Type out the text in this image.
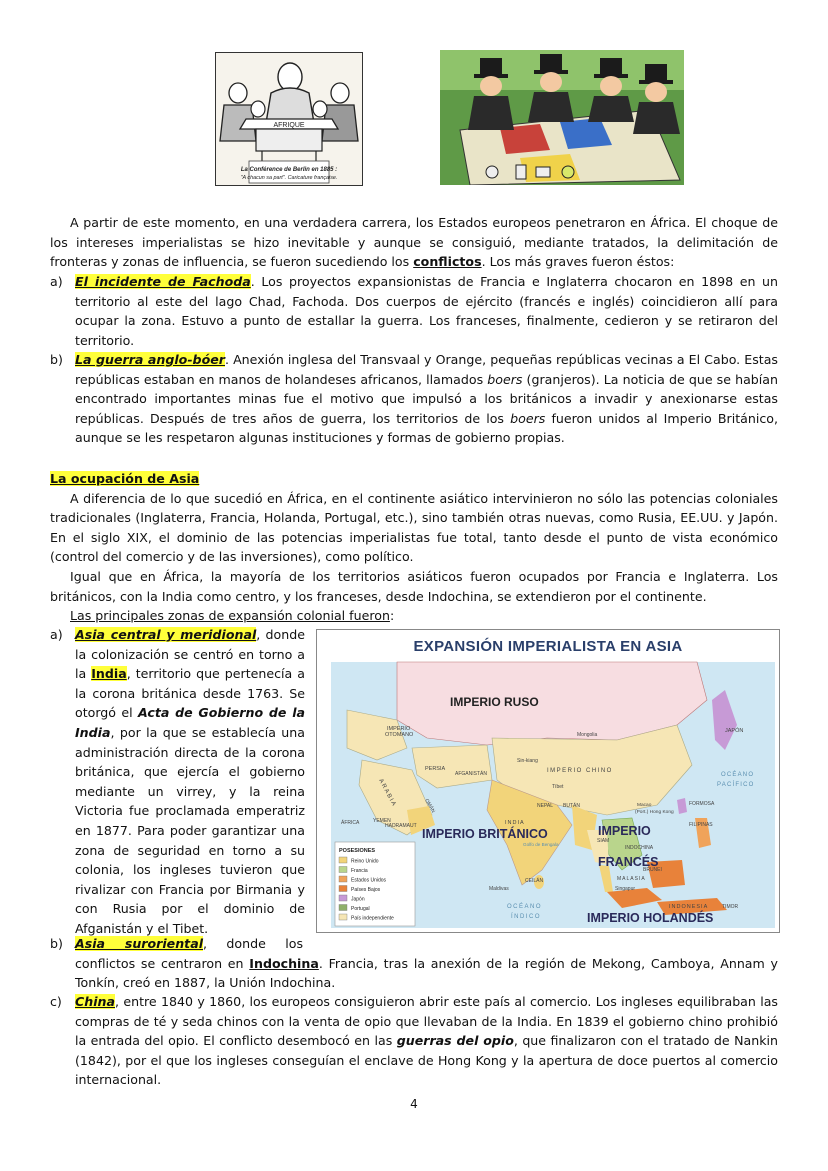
AFRIQUE
La Conférence de Berlin en 1885 :
"A chacun sa part". Caricature française.

A partir de este momento, en una verdadera carrera, los Estados europeos penetraron en África. El choque de los intereses imperialistas se hizo inevitable y aunque se consiguió, mediante tratados, la delimitación de fronteras y zonas de influencia, se fueron sucediendo los conflictos. Los más graves fueron éstos:

a) El incidente de Fachoda. Los proyectos expansionistas de Francia e Inglaterra chocaron en 1898 en un territorio al este del lago Chad, Fachoda. Dos cuerpos de ejército (francés e inglés) coincidieron allí para ocupar la zona. Estuvo a punto de estallar la guerra. Los franceses, finalmente, cedieron y se retiraron del territorio.

b) La guerra anglo-bóer. Anexión inglesa del Transvaal y Orange, pequeñas repúblicas vecinas a El Cabo. Estas repúblicas estaban en manos de holandeses africanos, llamados boers (granjeros). La noticia de que se habían encontrado importantes minas fue el motivo que impulsó a los británicos a invadir y anexionarse estas repúblicas. Después de tres años de guerra, los territorios de los boers fueron unidos al Imperio Británico, aunque se les respetaron algunas instituciones y formas de gobierno propias.

La ocupación de Asia

A diferencia de lo que sucedió en África, en el continente asiático intervinieron no sólo las potencias coloniales tradicionales (Inglaterra, Francia, Holanda, Portugal, etc.), sino también otras nuevas, como Rusia, EE.UU. y Japón. En el siglo XIX, el dominio de las potencias imperialistas fue total, tanto desde el punto de vista económico (control del comercio y de las inversiones), como político.

Igual que en África, la mayoría de los territorios asiáticos fueron ocupados por Francia e Inglaterra. Los británicos, con la India como centro, y los franceses, desde Indochina, se extendieron por el continente.

Las principales zonas de expansión colonial fueron:

a) Asia central y meridional, donde la colonización se centró en torno a la India, territorio que pertenecía a la corona británica desde 1763. Se otorgó el Acta de Gobierno de la India, por la que se establecía una administración directa de la corona británica, que ejercía el gobierno mediante un virrey, y la reina Victoria fue proclamada emperatriz en 1877. Para poder garantizar una zona de seguridad en torno a su colonia, los ingleses tuvieron que rivalizar con Francia por Birmania y con Rusia por el dominio de Afganistán y el Tibet.

b) Asia suroriental, donde los

conflictos se centraron en Indochina. Francia, tras la anexión de la región de Mekong, Camboya, Annam y Tonkín, creó en 1887, la Unión Indochina.

c) China, entre 1840 y 1860, los europeos consiguieron abrir este país al comercio. Los ingleses equilibraban las compras de té y seda chinos con la venta de opio que llevaban de la India. En 1839 el gobierno chino prohibió la entrada del opio. El conflicto desembocó en las guerras del opio, que finalizaron con el tratado de Nankin (1842), por el que los ingleses conseguían el enclave de Hong Kong y la apertura de doce puertos al comercio internacional.

EXPANSIÓN IMPERIALISTA EN ASIA
IMPERIO RUSO
IMPERIO BRITÁNICO	IMPERIO
FRANCÉS
IMPERIO HOLANDÉS
IMPERIO
OTOMANO
PERSIA
AFGANISTÁN	IMPERIO CHINO
Mongolia
Sin-kiang
Tíbet
JAPÓN
OCÉANO
PACÍFICO
FORMOSA
Macao
(Port.) Hong Kong
FILIPINAS
SIAM
INDOCHINA
BRUNEI
MALASIA
Singapur
INDONESIA	TIMOR
CEILÁN
Maldivas
INDIA
NEPAL BUTÁN
Golfo de Bengala
ARABIA	OMÁN
YEMEN
HADRAMAUT
ÁFRICA
OCÉANO
ÍNDICO
POSESIONES
Reino Unido
Francia
Estados Unidos
Países Bajos
Japón
Portugal
País independiente
4
